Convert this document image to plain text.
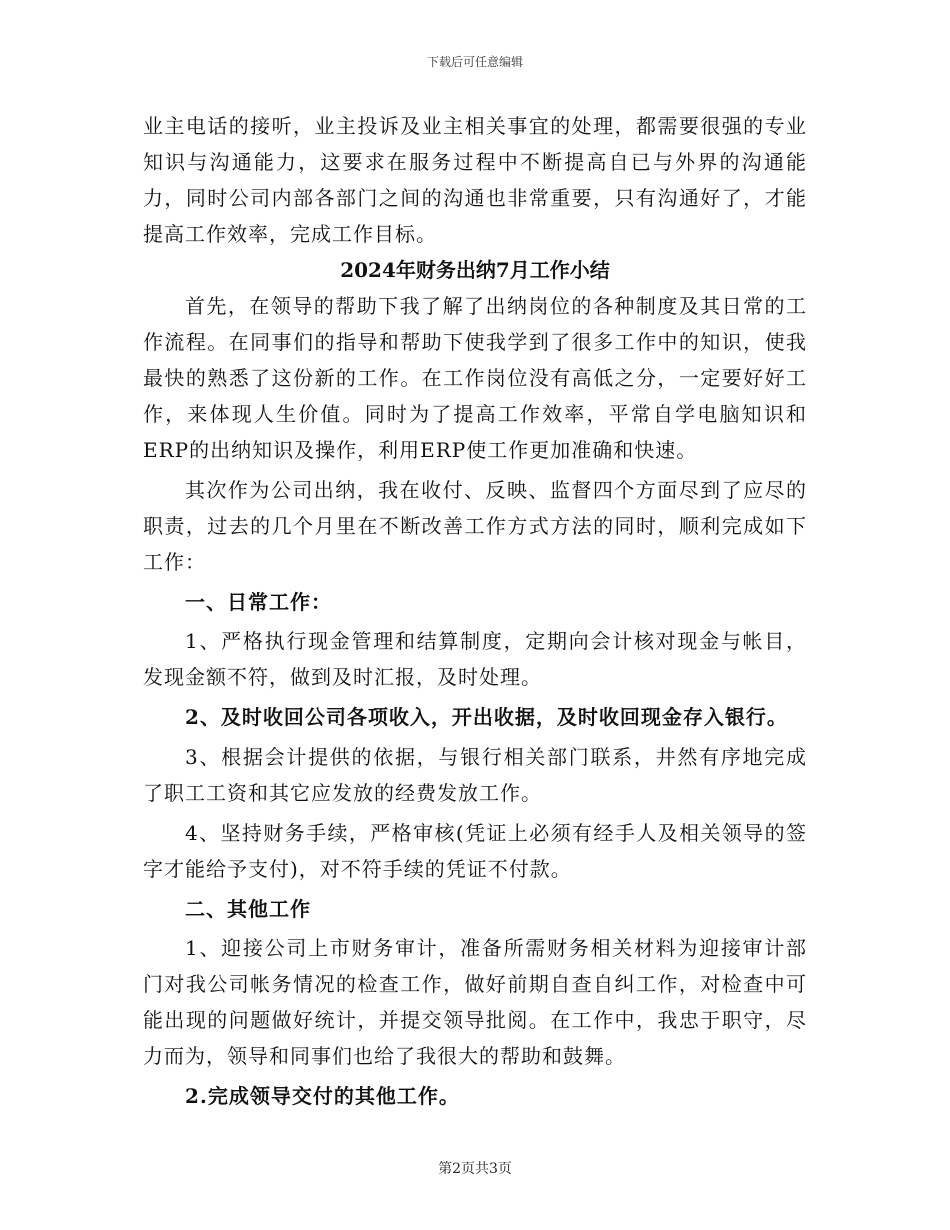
下载后可任意编辑

业主电话的接听，业主投诉及业主相关事宜的处理，都需要很强的专业知识与沟通能力，这要求在服务过程中不断提高自已与外界的沟通能力，同时公司内部各部门之间的沟通也非常重要，只有沟通好了，才能提高工作效率，完成工作目标。

2024年财务出纳7月工作小结

首先，在领导的帮助下我了解了出纳岗位的各种制度及其日常的工作流程。在同事们的指导和帮助下使我学到了很多工作中的知识，使我最快的熟悉了这份新的工作。在工作岗位没有高低之分，一定要好好工作，来体现人生价值。同时为了提高工作效率，平常自学电脑知识和ERP的出纳知识及操作，利用ERP使工作更加准确和快速。

其次作为公司出纳，我在收付、反映、监督四个方面尽到了应尽的职责，过去的几个月里在不断改善工作方式方法的同时，顺利完成如下工作：

一、日常工作：

1、严格执行现金管理和结算制度，定期向会计核对现金与帐目，发现金额不符，做到及时汇报，及时处理。

2、及时收回公司各项收入，开出收据，及时收回现金存入银行。

3、根据会计提供的依据，与银行相关部门联系，井然有序地完成了职工工资和其它应发放的经费发放工作。

4、坚持财务手续，严格审核(凭证上必须有经手人及相关领导的签字才能给予支付)，对不符手续的凭证不付款。

二、其他工作

1、迎接公司上市财务审计，准备所需财务相关材料为迎接审计部门对我公司帐务情况的检查工作，做好前期自查自纠工作，对检查中可能出现的问题做好统计，并提交领导批阅。在工作中，我忠于职守，尽力而为，领导和同事们也给了我很大的帮助和鼓舞。

2.完成领导交付的其他工作。

第2页共3页
